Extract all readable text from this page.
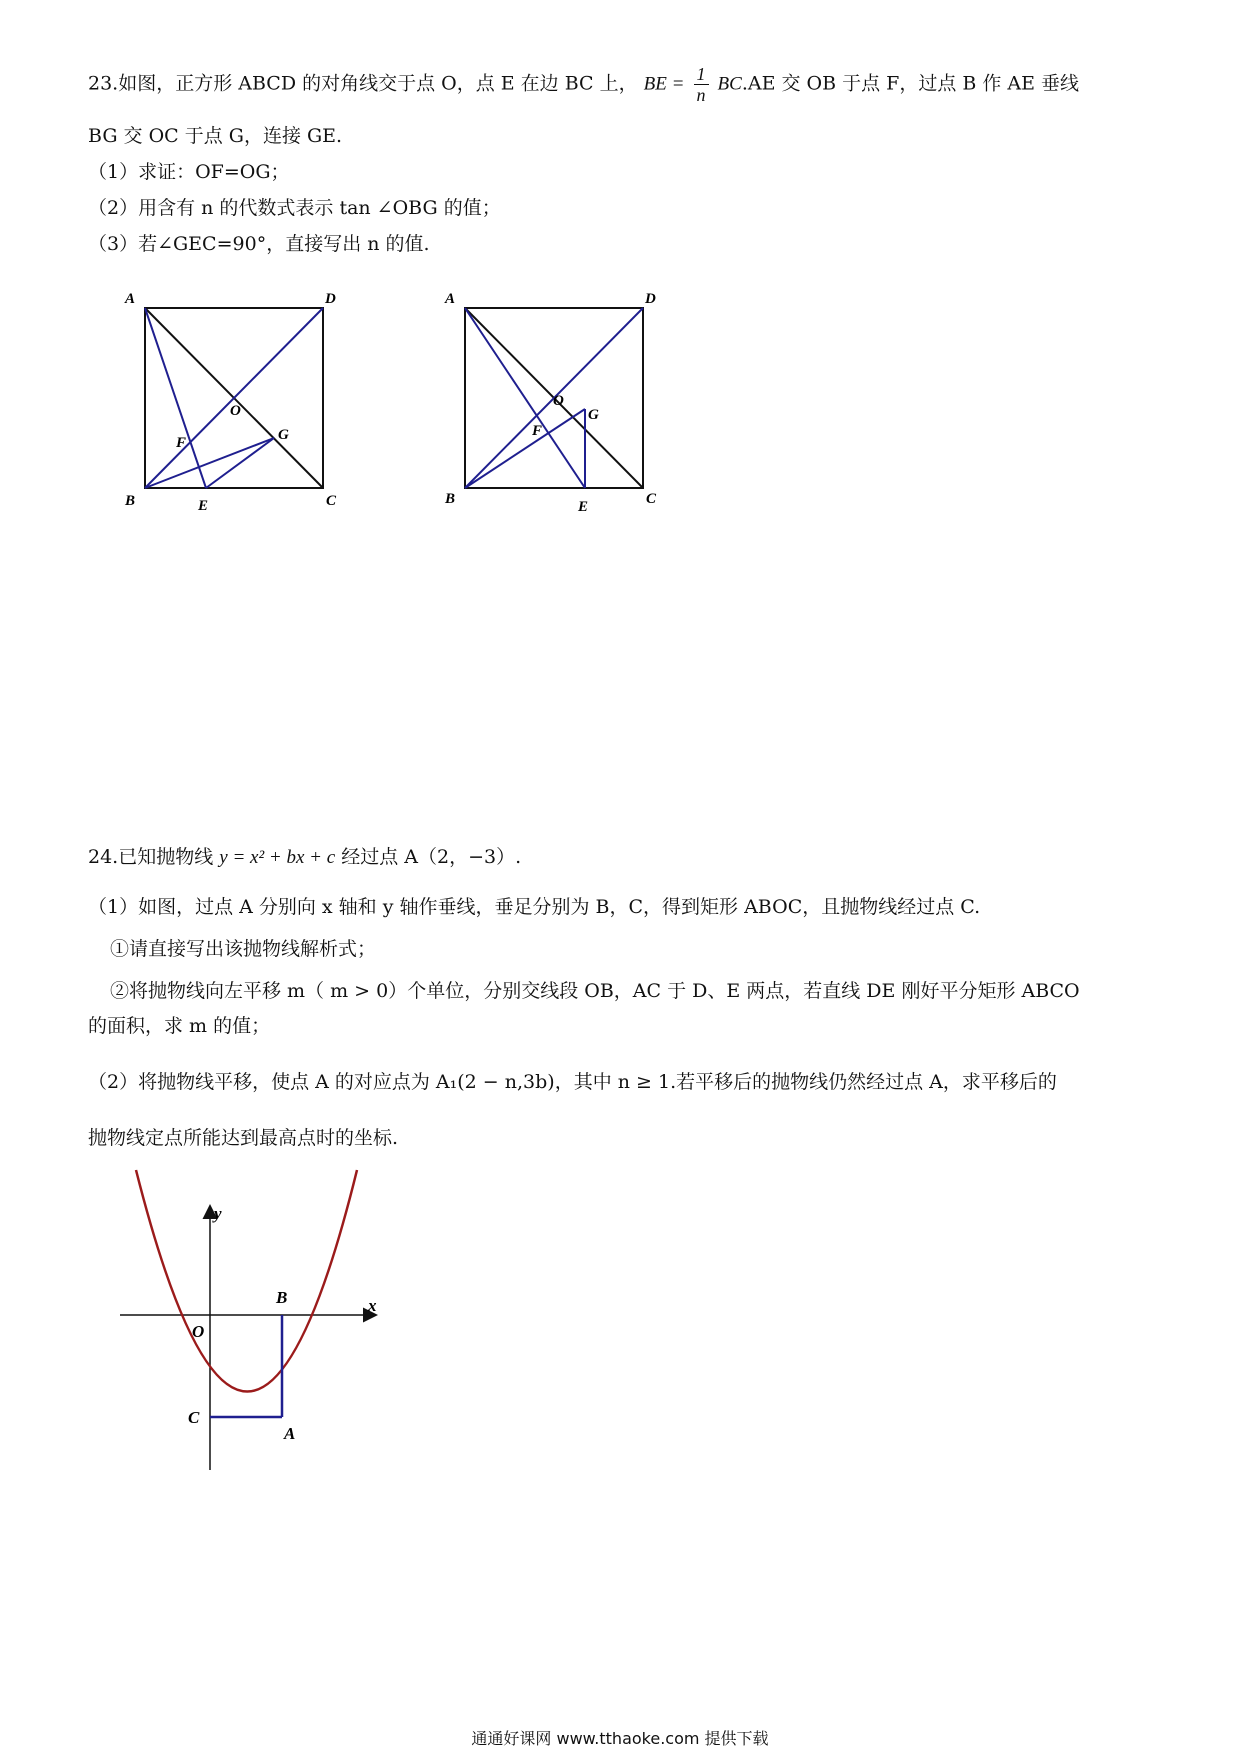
23.如图，正方形 ABCD 的对角线交于点 O，点 E 在边 BC 上， BE = $\frac{1}{n} BC.AE$ 交 OB 于点 F，过点 B 作 AE 垂线
BG 交 OC 于点 G，连接 GE.
（1）求证：OF=OG；
（2）用含有 n 的代数式表示 tan ∠OBG 的值；
（3）若∠GEC=90°，直接写出 n 的值.
A	D
B	C
O
E
F	G
A	D
B	C
O
E
F
G
24.已知抛物线 y = x² + bx + c 经过点 A（2，−3）.
（1）如图，过点 A 分别向 x 轴和 y 轴作垂线，垂足分别为 B，C，得到矩形 ABOC，且抛物线经过点 C.
①请直接写出该抛物线解析式；
②将抛物线向左平移 m（ m > 0）个单位，分别交线段 OB，AC 于 D、E 两点，若直线 DE 刚好平分矩形 ABCO
的面积，求 m 的值；
（2）将抛物线平移，使点 A 的对应点为 A₁(2 − n,3b)，其中 n ≥ 1.若平移后的抛物线仍然经过点 A，求平移后的
抛物线定点所能达到最高点时的坐标.
y
x
O
B
C
A
通通好课网 www.tthaoke.com 提供下载
